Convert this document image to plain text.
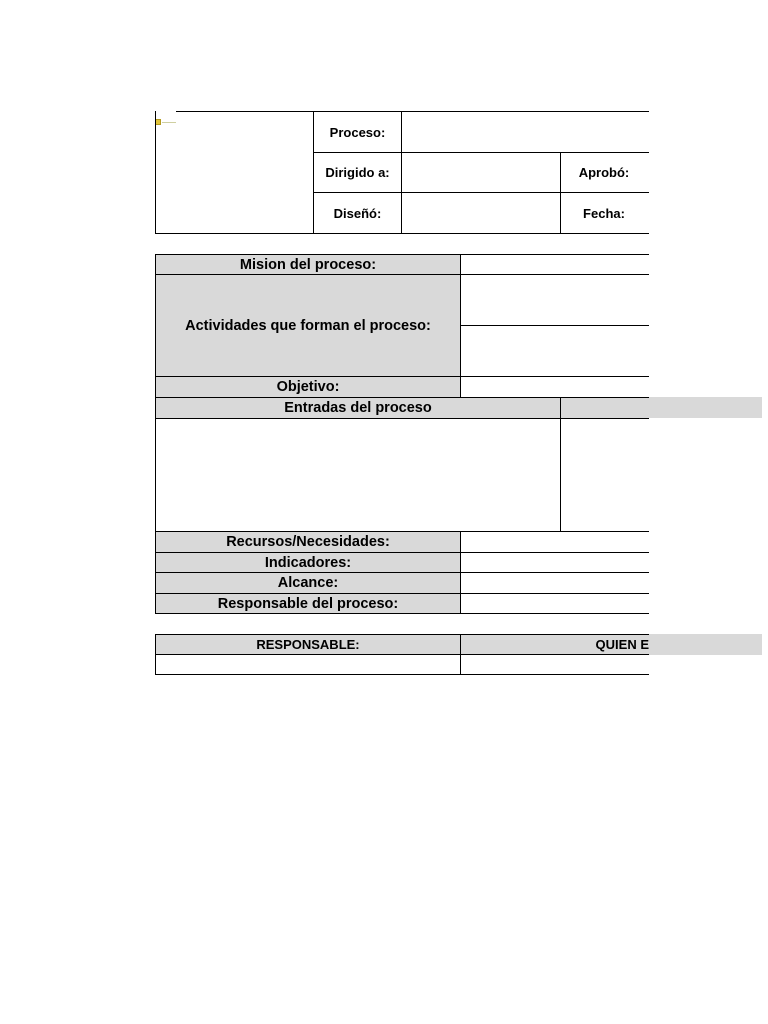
Proceso:
Dirigido a:	Aprobó:
Diseñó:	Fecha:
Mision del proceso:
Actividades que forman el proceso:
Objetivo:
Entradas del proceso
Recursos/Necesidades:
Indicadores:
Alcance:
Responsable del proceso:
RESPONSABLE:	QUIEN E
